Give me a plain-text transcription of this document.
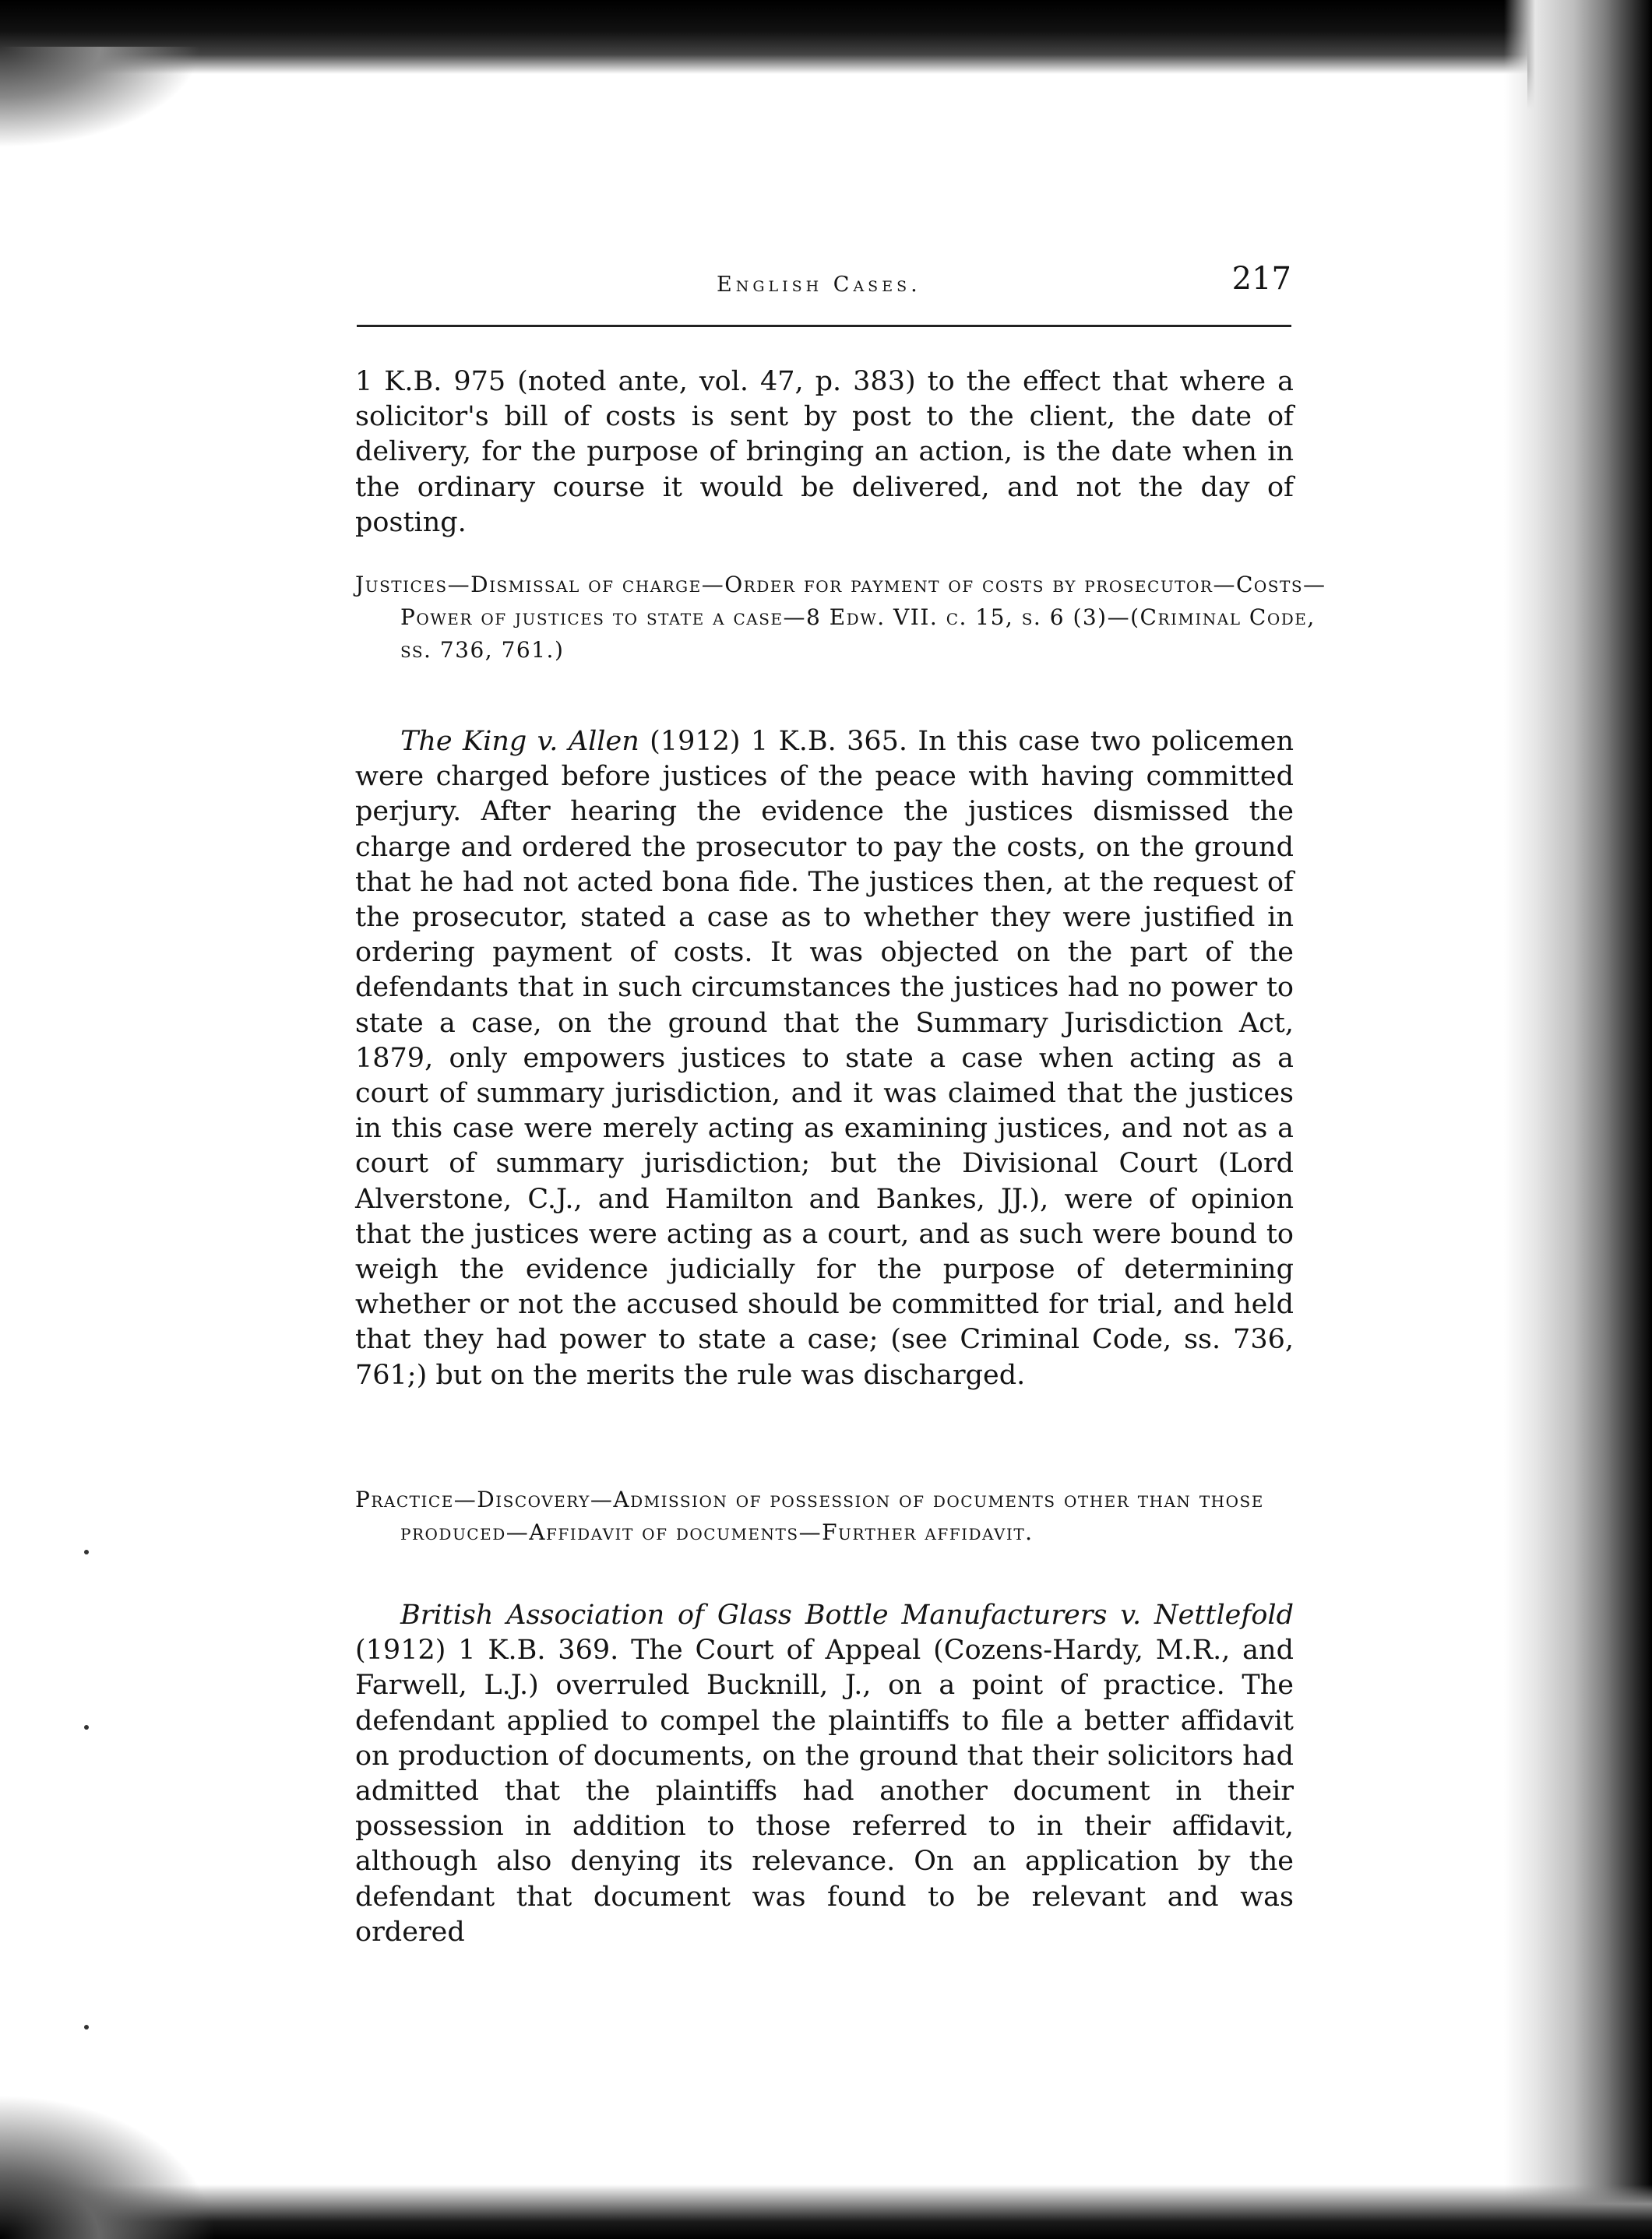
English Cases.	217

1 K.B. 975 (noted ante, vol. 47, p. 383) to the effect that where a solicitor's bill of costs is sent by post to the client, the date of delivery, for the purpose of bringing an action, is the date when in the ordinary course it would be delivered, and not the day of posting.

Justices—Dismissal of charge—Order for payment of costs by prosecutor—Costs—Power of justices to state a case—8 Edw. VII. c. 15, s. 6 (3)—(Criminal Code, ss. 736, 761.)

The King v. Allen (1912) 1 K.B. 365. In this case two policemen were charged before justices of the peace with having committed perjury. After hearing the evidence the justices dismissed the charge and ordered the prosecutor to pay the costs, on the ground that he had not acted bona fide. The justices then, at the request of the prosecutor, stated a case as to whether they were justified in ordering payment of costs. It was objected on the part of the defendants that in such circumstances the justices had no power to state a case, on the ground that the Summary Jurisdiction Act, 1879, only empowers justices to state a case when acting as a court of summary jurisdiction, and it was claimed that the justices in this case were merely acting as examining justices, and not as a court of summary jurisdiction; but the Divisional Court (Lord Alverstone, C.J., and Hamilton and Bankes, JJ.), were of opinion that the justices were acting as a court, and as such were bound to weigh the evidence judicially for the purpose of determining whether or not the accused should be committed for trial, and held that they had power to state a case; (see Criminal Code, ss. 736, 761;) but on the merits the rule was discharged.

Practice—Discovery—Admission of possession of documents other than those produced—Affidavit of documents—Further affidavit.

British Association of Glass Bottle Manufacturers v. Nettlefold (1912) 1 K.B. 369. The Court of Appeal (Cozens-Hardy, M.R., and Farwell, L.J.) overruled Bucknill, J., on a point of practice. The defendant applied to compel the plaintiffs to file a better affidavit on production of documents, on the ground that their solicitors had admitted that the plaintiffs had another document in their possession in addition to those referred to in their affidavit, although also denying its relevance. On an application by the defendant that document was found to be relevant and was ordered
